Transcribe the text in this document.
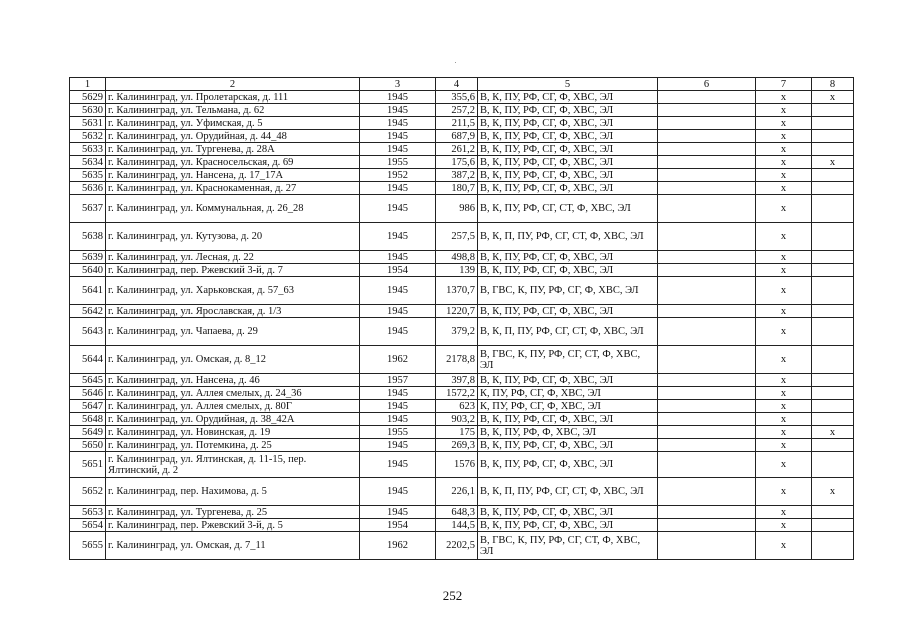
1	2	3	4	5	6	7	8
5629	г. Калининград, ул. Пролетарская, д. 111	1945	355,6	В, К, ПУ, РФ, СГ, Ф, ХВС, ЭЛ		х	х
5630	г. Калининград, ул. Тельмана, д. 62	1945	257,2	В, К, ПУ, РФ, СГ, Ф, ХВС, ЭЛ		х	
5631	г. Калининград, ул. Уфимская, д. 5	1945	211,5	В, К, ПУ, РФ, СГ, Ф, ХВС, ЭЛ		х	
5632	г. Калининград, ул. Орудийная, д. 44_48	1945	687,9	В, К, ПУ, РФ, СГ, Ф, ХВС, ЭЛ		х	
5633	г. Калининград, ул. Тургенева, д. 28А	1945	261,2	В, К, ПУ, РФ, СГ, Ф, ХВС, ЭЛ		х	
5634	г. Калининград, ул. Красносельская, д. 69	1955	175,6	В, К, ПУ, РФ, СГ, Ф, ХВС, ЭЛ		х	х
5635	г. Калининград, ул. Нансена, д. 17_17А	1952	387,2	В, К, ПУ, РФ, СГ, Ф, ХВС, ЭЛ		х	
5636	г. Калининград, ул. Краснокаменная, д. 27	1945	180,7	В, К, ПУ, РФ, СГ, Ф, ХВС, ЭЛ		х	
5637	г. Калининград, ул. Коммунальная, д. 26_28	1945	986	В, К, ПУ, РФ, СГ, СТ, Ф, ХВС, ЭЛ		х	
5638	г. Калининград, ул. Кутузова, д. 20	1945	257,5	В, К, П, ПУ, РФ, СГ, СТ, Ф, ХВС, ЭЛ		х	
5639	г. Калининград, ул. Лесная, д. 22	1945	498,8	В, К, ПУ, РФ, СГ, Ф, ХВС, ЭЛ		х	
5640	г. Калининград, пер. Ржевский 3-й, д. 7	1954	139	В, К, ПУ, РФ, СГ, Ф, ХВС, ЭЛ		х	
5641	г. Калининград, ул. Харьковская, д. 57_63	1945	1370,7	В, ГВС, К, ПУ, РФ, СГ, Ф, ХВС, ЭЛ		х	
5642	г. Калининград, ул. Ярославская, д. 1/3	1945	1220,7	В, К, ПУ, РФ, СГ, Ф, ХВС, ЭЛ		х	
5643	г. Калининград, ул. Чапаева, д. 29	1945	379,2	В, К, П, ПУ, РФ, СГ, СТ, Ф, ХВС, ЭЛ		х	
5644	г. Калининград, ул. Омская, д. 8_12	1962	2178,8	В, ГВС, К, ПУ, РФ, СГ, СТ, Ф, ХВС, ЭЛ		х	
5645	г. Калининград, ул. Нансена, д. 46	1957	397,8	В, К, ПУ, РФ, СГ, Ф, ХВС, ЭЛ		х	
5646	г. Калининград, ул. Аллея смелых, д. 24_36	1945	1572,2	К, ПУ, РФ, СГ, Ф, ХВС, ЭЛ		х	
5647	г. Калининград, ул. Аллея смелых, д. 80Г	1945	623	К, ПУ, РФ, СГ, Ф, ХВС, ЭЛ		х	
5648	г. Калининград, ул. Орудийная, д. 38_42А	1945	903,2	В, К, ПУ, РФ, СГ, Ф, ХВС, ЭЛ		х	
5649	г. Калининград, ул. Новинская, д. 19	1955	175	В, К, ПУ, РФ, Ф, ХВС, ЭЛ		х	х
5650	г. Калининград, ул. Потемкина, д. 25	1945	269,3	В, К, ПУ, РФ, СГ, Ф, ХВС, ЭЛ		х	
5651	г. Калининград, ул. Ялтинская, д. 11-15, пер. Ялтинский, д. 2	1945	1576	В, К, ПУ, РФ, СГ, Ф, ХВС, ЭЛ		х	
5652	г. Калининград, пер. Нахимова, д. 5	1945	226,1	В, К, П, ПУ, РФ, СГ, СТ, Ф, ХВС, ЭЛ		х	х
5653	г. Калининград, ул. Тургенева, д. 25	1945	648,3	В, К, ПУ, РФ, СГ, Ф, ХВС, ЭЛ		х	
5654	г. Калининград, пер. Ржевский 3-й, д. 5	1954	144,5	В, К, ПУ, РФ, СГ, Ф, ХВС, ЭЛ		х	
5655	г. Калининград, ул. Омская, д. 7_11	1962	2202,5	В, ГВС, К, ПУ, РФ, СГ, СТ, Ф, ХВС, ЭЛ		х	
252
